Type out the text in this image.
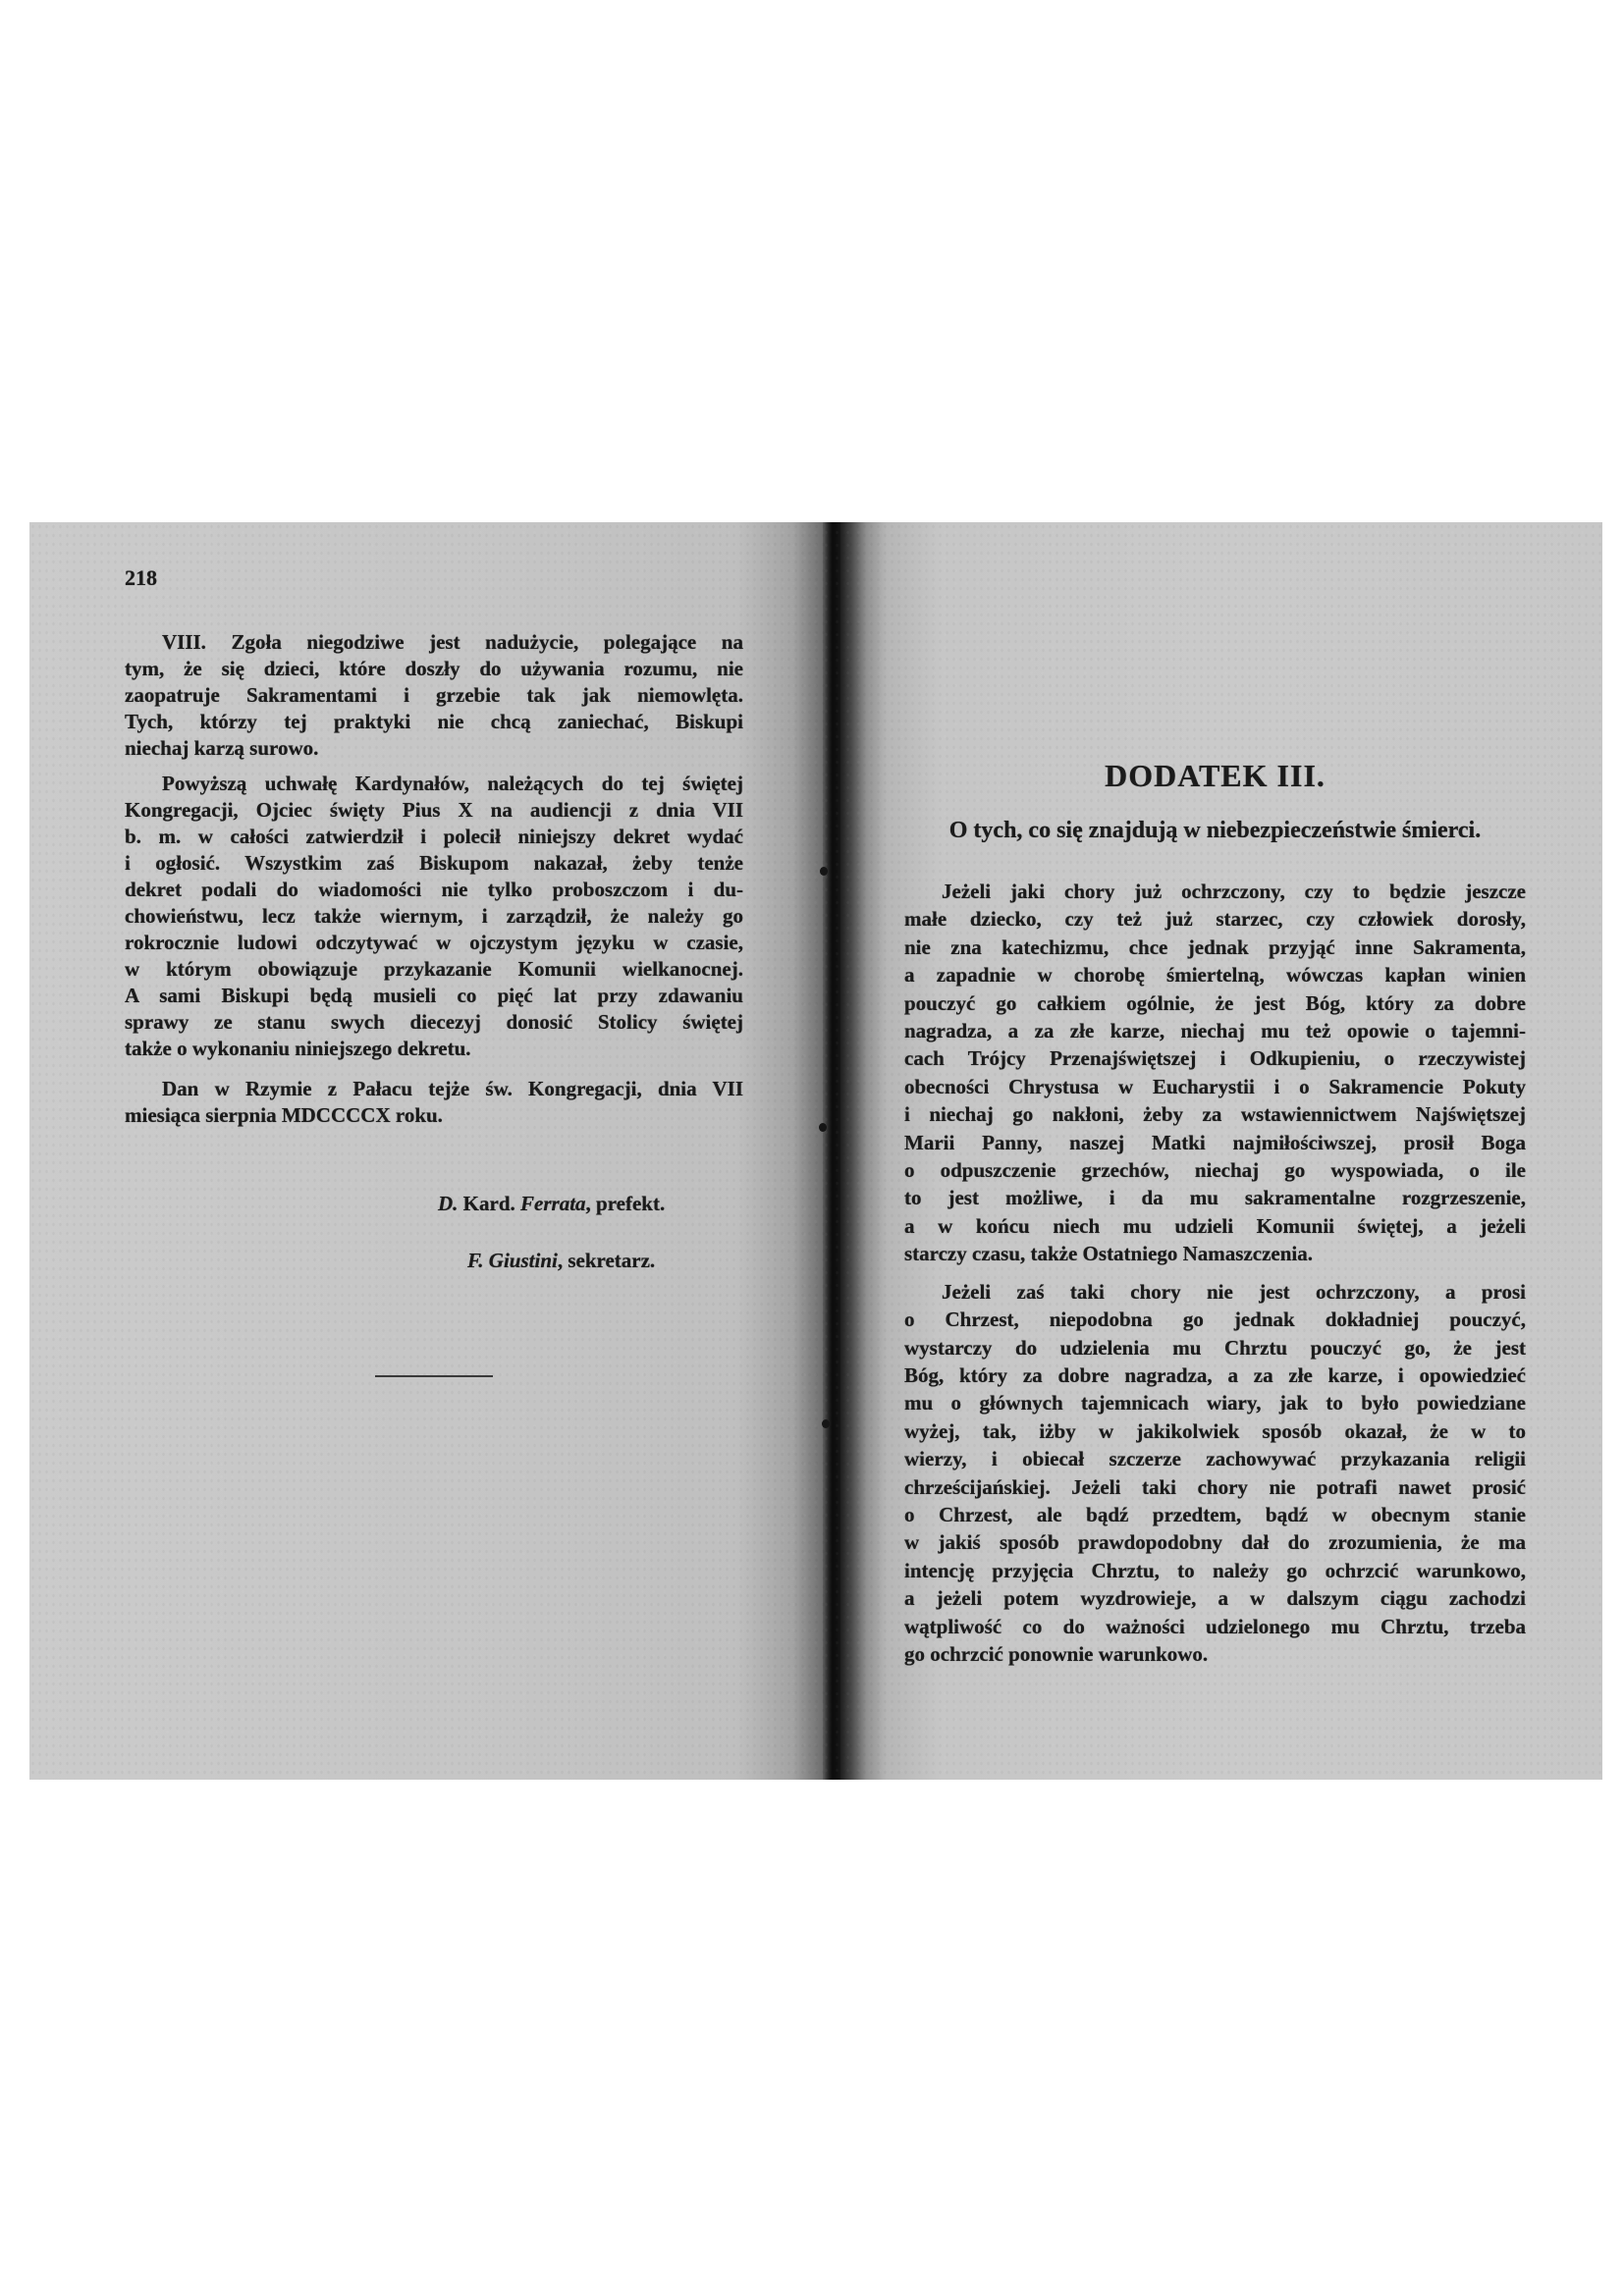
218
VIII. Zgoła niegodziwe jest nadużycie, polegające na
tym, że się dzieci, które doszły do używania rozumu, nie
zaopatruje Sakramentami i grzebie tak jak niemowlęta.
Tych, którzy tej praktyki nie chcą zaniechać, Biskupi
niechaj karzą surowo.
Powyższą uchwałę Kardynałów, należących do tej świętej
Kongregacji, Ojciec święty Pius X na audiencji z dnia VII
b. m. w całości zatwierdził i polecił niniejszy dekret wydać
i ogłosić. Wszystkim zaś Biskupom nakazał, żeby tenże
dekret podali do wiadomości nie tylko proboszczom i du-
chowieństwu, lecz także wiernym, i zarządził, że należy go
rokrocznie ludowi odczytywać w ojczystym języku w czasie,
w którym obowiązuje przykazanie Komunii wielkanocnej.
A sami Biskupi będą musieli co pięć lat przy zdawaniu
sprawy ze stanu swych diecezyj donosić Stolicy świętej
także o wykonaniu niniejszego dekretu.
Dan w Rzymie z Pałacu tejże św. Kongregacji, dnia VII
miesiąca sierpnia MDCCCCX roku.
D. Kard. Ferrata, prefekt.
F. Giustini, sekretarz.
DODATEK III.
O tych, co się znajdują w niebezpieczeństwie śmierci.
Jeżeli jaki chory już ochrzczony, czy to będzie jeszcze
małe dziecko, czy też już starzec, czy człowiek dorosły,
nie zna katechizmu, chce jednak przyjąć inne Sakramenta,
a zapadnie w chorobę śmiertelną, wówczas kapłan winien
pouczyć go całkiem ogólnie, że jest Bóg, który za dobre
nagradza, a za złe karze, niechaj mu też opowie o tajemni-
cach Trójcy Przenajświętszej i Odkupieniu, o rzeczywistej
obecności Chrystusa w Eucharystii i o Sakramencie Pokuty
i niechaj go nakłoni, żeby za wstawiennictwem Najświętszej
Marii Panny, naszej Matki najmiłościwszej, prosił Boga
o odpuszczenie grzechów, niechaj go wyspowiada, o ile
to jest możliwe, i da mu sakramentalne rozgrzeszenie,
a w końcu niech mu udzieli Komunii świętej, a jeżeli
starczy czasu, także Ostatniego Namaszczenia.
Jeżeli zaś taki chory nie jest ochrzczony, a prosi
o Chrzest, niepodobna go jednak dokładniej pouczyć,
wystarczy do udzielenia mu Chrztu pouczyć go, że jest
Bóg, który za dobre nagradza, a za złe karze, i opowiedzieć
mu o głównych tajemnicach wiary, jak to było powiedziane
wyżej, tak, iżby w jakikolwiek sposób okazał, że w to
wierzy, i obiecał szczerze zachowywać przykazania religii
chrześcijańskiej. Jeżeli taki chory nie potrafi nawet prosić
o Chrzest, ale bądź przedtem, bądź w obecnym stanie
w jakiś sposób prawdopodobny dał do zrozumienia, że ma
intencję przyjęcia Chrztu, to należy go ochrzcić warunkowo,
a jeżeli potem wyzdrowieje, a w dalszym ciągu zachodzi
wątpliwość co do ważności udzielonego mu Chrztu, trzeba
go ochrzcić ponownie warunkowo.
